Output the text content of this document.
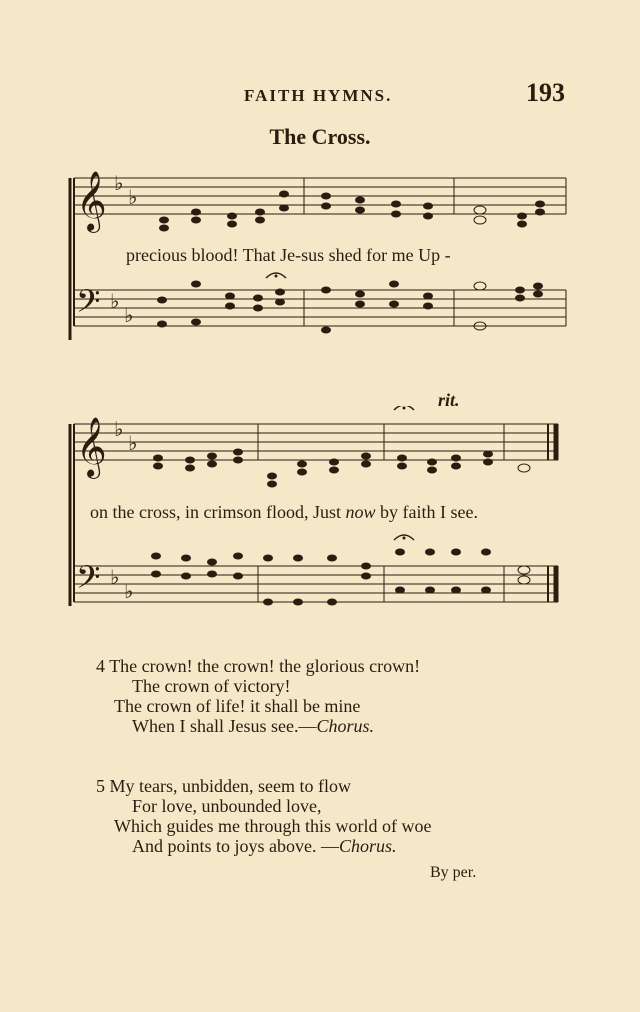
FAITH HYMNS.	193
The Cross.
𝄞
𝄢
♭
♭
♭
♭
precious blood! That Je-sus shed for me Up -
𝄞
𝄢
♭
♭
♭
♭
rit.
on the cross, in crimson flood, Just now by faith I see.
4 The crown! the crown! the glorious crown!
The crown of victory!
The crown of life! it shall be mine
When I shall Jesus see.—Chorus.
5 My tears, unbidden, seem to flow
For love, unbounded love,
Which guides me through this world of woe
And points to joys above. —Chorus.
By per.
